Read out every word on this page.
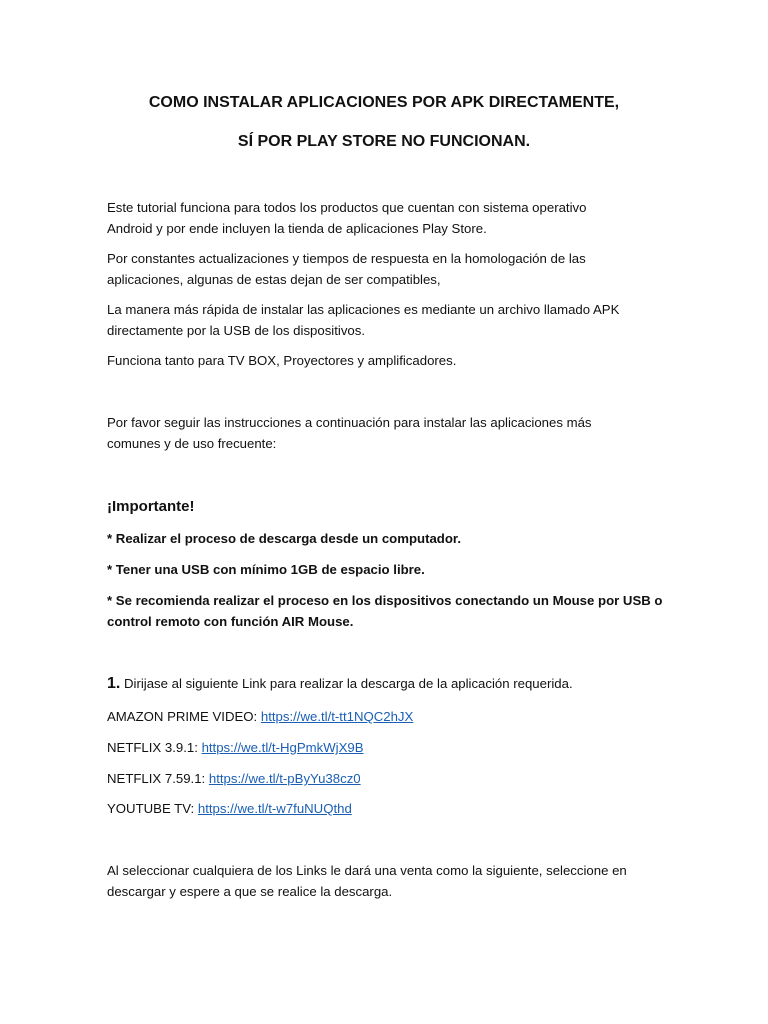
COMO INSTALAR APLICACIONES POR APK DIRECTAMENTE,
SÍ POR PLAY STORE NO FUNCIONAN.

Este tutorial funciona para todos los productos que cuentan con sistema operativo
Android y por ende incluyen la tienda de aplicaciones Play Store.

Por constantes actualizaciones y tiempos de respuesta en la homologación de las
aplicaciones, algunas de estas dejan de ser compatibles,

La manera más rápida de instalar las aplicaciones es mediante un archivo llamado APK
directamente por la USB de los dispositivos.

Funciona tanto para TV BOX, Proyectores y amplificadores.

Por favor seguir las instrucciones a continuación para instalar las aplicaciones más
comunes y de uso frecuente:

¡Importante!

* Realizar el proceso de descarga desde un computador.

* Tener una USB con mínimo 1GB de espacio libre.

* Se recomienda realizar el proceso en los dispositivos conectando un Mouse por USB o
control remoto con función AIR Mouse.

1. Dirijase al siguiente Link para realizar la descarga de la aplicación requerida.

AMAZON PRIME VIDEO: https://we.tl/t-tt1NQC2hJX

NETFLIX 3.9.1: https://we.tl/t-HgPmkWjX9B

NETFLIX 7.59.1: https://we.tl/t-pByYu38cz0

YOUTUBE TV: https://we.tl/t-w7fuNUQthd

Al seleccionar cualquiera de los Links le dará una venta como la siguiente, seleccione en
descargar y espere a que se realice la descarga.
